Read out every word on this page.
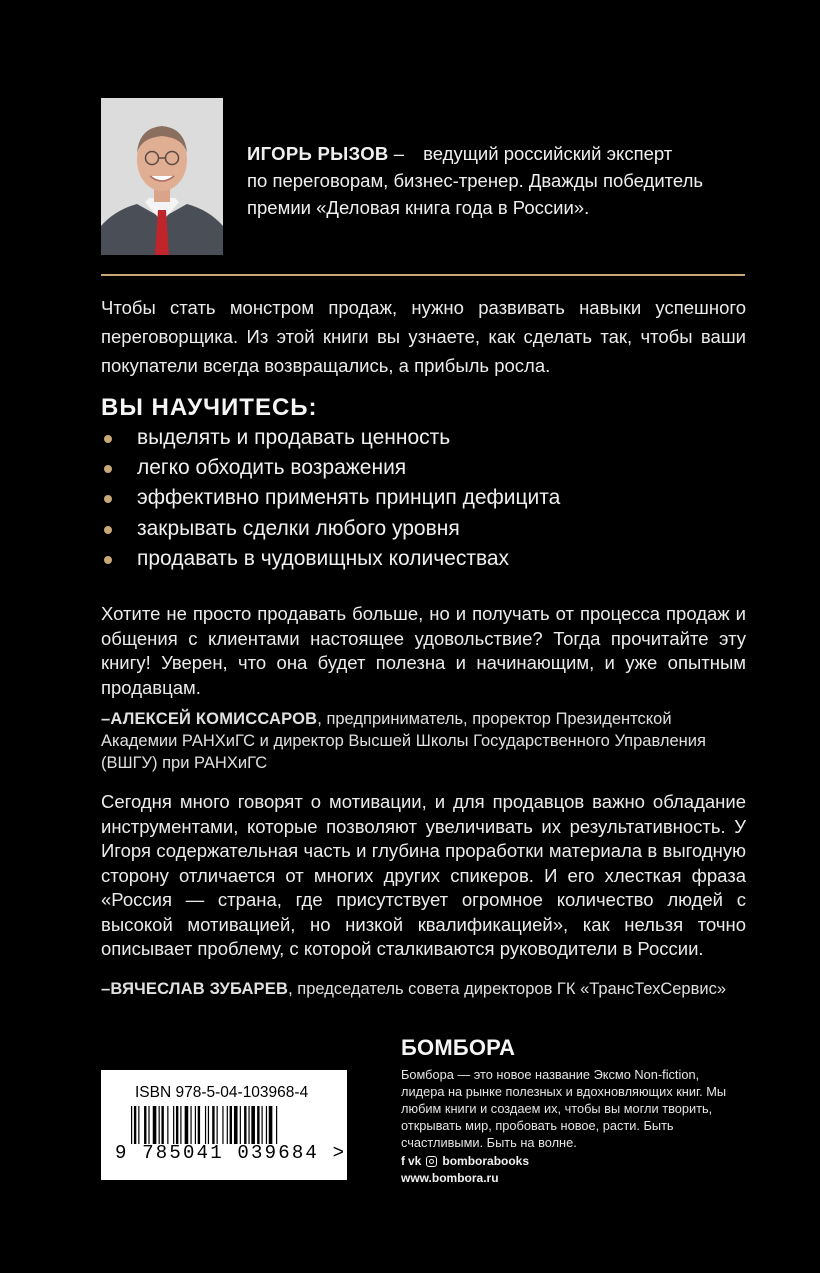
ИГОРЬ РЫЗОВ – ведущий российский эксперт
по переговорам, бизнес-тренер. Дважды победитель
премии «Деловая книга года в России».

Чтобы стать монстром продаж, нужно развивать навыки успешного переговорщика. Из этой книги вы узнаете, как сделать так, чтобы ваши покупатели всегда возвращались, а прибыль росла.

ВЫ НАУЧИТЕСЬ:
выделять и продавать ценность
легко обходить возражения
эффективно применять принцип дефицита
закрывать сделки любого уровня
продавать в чудовищных количествах

Хотите не просто продавать больше, но и получать от процесса продаж и общения с клиентами настоящее удовольствие? Тогда прочитайте эту книгу! Уверен, что она будет полезна и начинающим, и уже опытным продавцам.

–АЛЕКСЕЙ КОМИССАРОВ, предприниматель, проректор Президентской Академии РАНХиГС и директор Высшей Школы Государственного Управления (ВШГУ) при РАНХиГС

Сегодня много говорят о мотивации, и для продавцов важно обладание инструментами, которые позволяют увеличивать их результативность. У Игоря содержательная часть и глубина проработки материала в выгодную сторону отличается от многих других спикеров. И его хлесткая фраза «Россия — страна, где присутствует огромное количество людей с высокой мотивацией, но низкой квалификацией», как нельзя точно описывает проблему, с которой сталкиваются руководители в России.

–ВЯЧЕСЛАВ ЗУБАРЕВ, председатель совета директоров ГК «ТрансТехСервис»

ISBN 978-5-04-103968-4
9 785041 039684 >
БОМБОРА

Бомбора — это новое название Эксмо Non-fiction, лидера на рынке полезных и вдохновляющих книг. Мы любим книги и создаем их, чтобы вы могли творить, открывать мир, пробовать новое, расти. Быть счастливыми. Быть на волне.

f vk bomborabooks
www.bombora.ru
